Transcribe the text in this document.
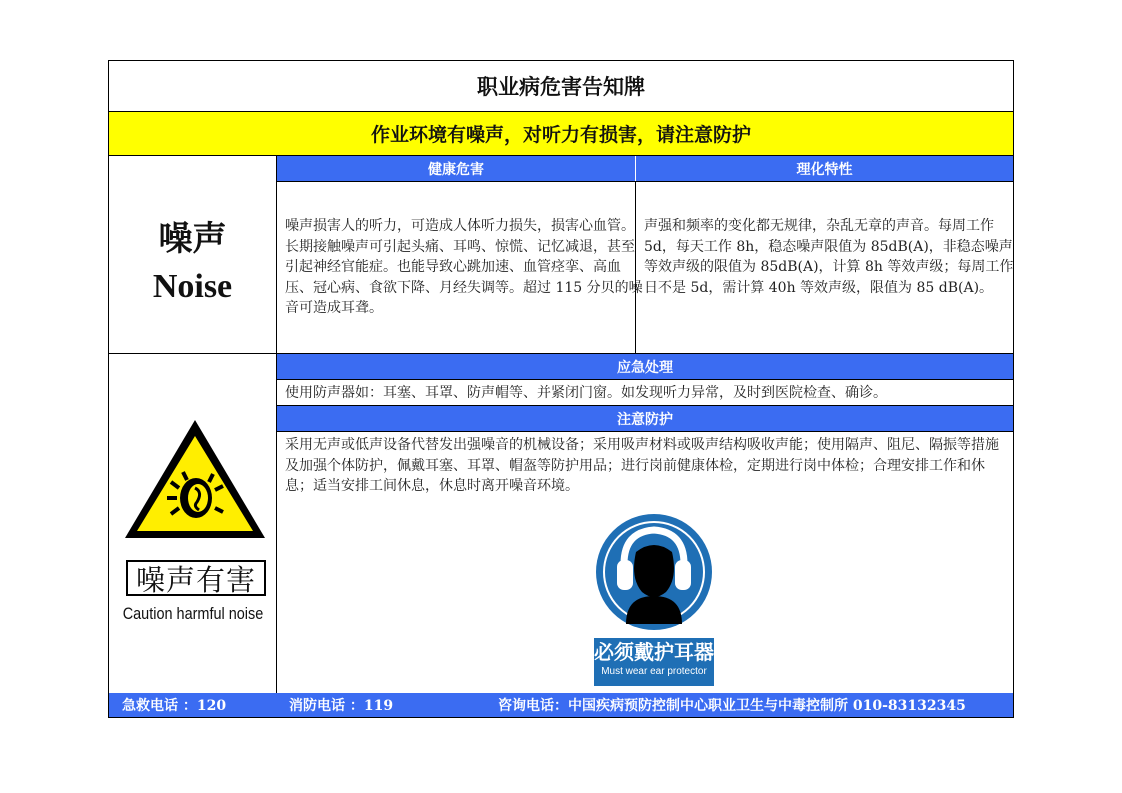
职业病危害告知牌
作业环境有噪声，对听力有损害，请注意防护
噪声
Noise
健康危害
噪声损害人的听力，可造成人体听力损失，损害心血管。长期接触噪声可引起头痛、耳鸣、惊慌、记忆减退，甚至引起神经官能症。也能导致心跳加速、血管痉挛、高血压、冠心病、食欲下降、月经失调等。超过 115 分贝的噪音可造成耳聋。
理化特性
声强和频率的变化都无规律，杂乱无章的声音。每周工作 5d，每天工作 8h，稳态噪声限值为 85dB(A)，非稳态噪声等效声级的限值为 85dB(A)，计算 8h 等效声级；每周工作日不是 5d，需计算 40h 等效声级，限值为 85 dB(A)。
噪声有害
Caution harmful noise
应急处理
使用防声器如：耳塞、耳罩、防声帽等、并紧闭门窗。如发现听力异常，及时到医院检查、确诊。
注意防护
采用无声或低声设备代替发出强噪音的机械设备；采用吸声材料或吸声结构吸收声能；使用隔声、阻尼、隔振等措施及加强个体防护，佩戴耳塞、耳罩、帽盔等防护用品；进行岗前健康体检，定期进行岗中体检；合理安排工作和休息；适当安排工间休息，休息时离开噪音环境。
必须戴护耳器
Must wear ear protector
急救电话 ：120	消防电话 ：119	咨询电话：中国疾病预防控制中心职业卫生与中毒控制所 010-83132345
